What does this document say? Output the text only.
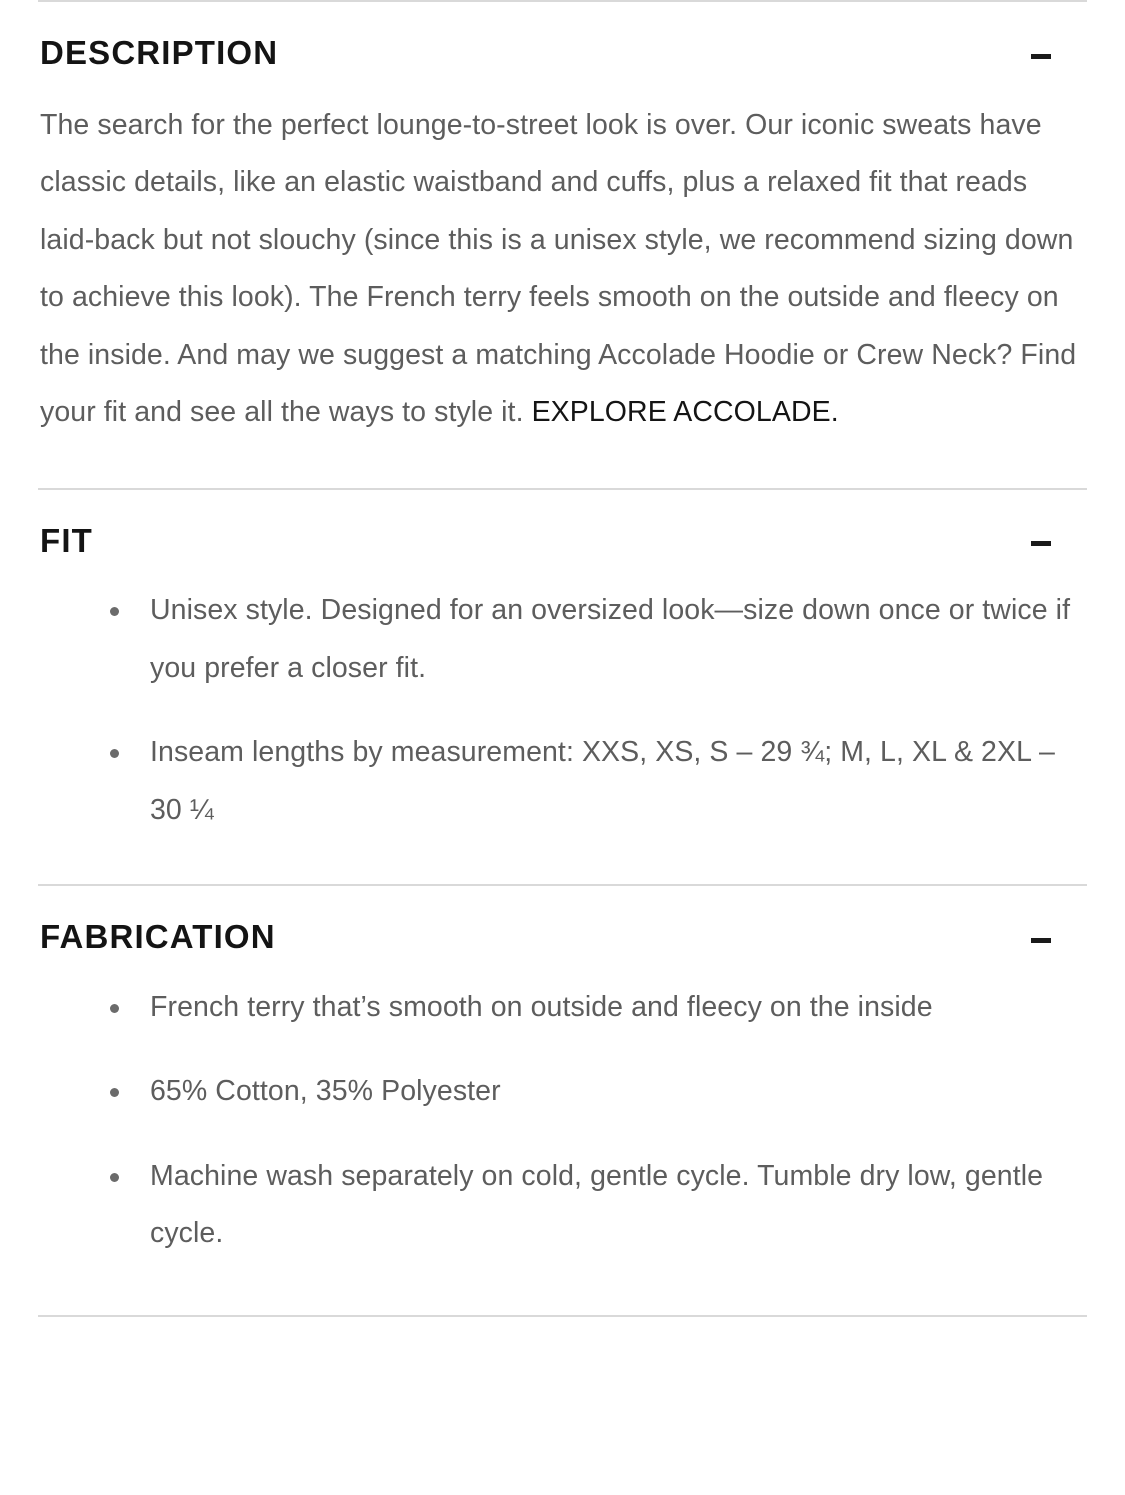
DESCRIPTION

The search for the perfect lounge-to-street look is over. Our iconic sweats have classic details, like an elastic waistband and cuffs, plus a relaxed fit that reads laid-back but not slouchy (since this is a unisex style, we recommend sizing down to achieve this look). The French terry feels smooth on the outside and fleecy on the inside. And may we suggest a matching Accolade Hoodie or Crew Neck? Find your fit and see all the ways to style it. EXPLORE ACCOLADE.

FIT
Unisex style. Designed for an oversized look—size down once or twice if you prefer a closer fit.
Inseam lengths by measurement: XXS, XS, S – 29 ¾; M, L, XL & 2XL – 30 ¼
FABRICATION
French terry that’s smooth on outside and fleecy on the inside
65% Cotton, 35% Polyester
Machine wash separately on cold, gentle cycle. Tumble dry low, gentle cycle.
